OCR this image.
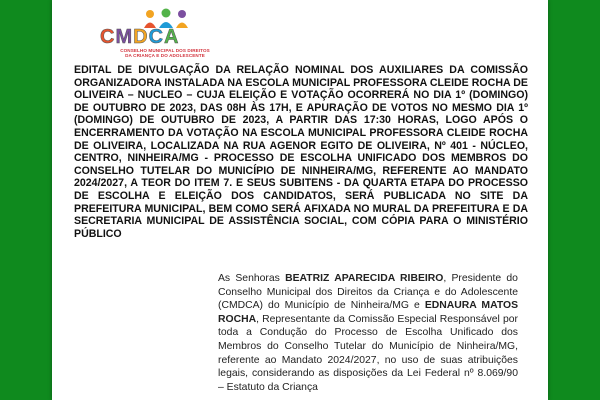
CMDCA
CONSELHO MUNICIPAL DOS DIREITOS
DA CRIANÇA E DO ADOLESCENTE
EDITAL DE DIVULGAÇÃO DA RELAÇÃO NOMINAL DOS AUXILIARES DA COMISSÃO ORGANIZADORA INSTALADA NA ESCOLA MUNICIPAL PROFESSORA CLEIDE ROCHA DE OLIVEIRA – NUCLEO – CUJA ELEIÇÃO E VOTAÇÃO OCORRERÁ NO DIA 1º (DOMINGO) DE OUTUBRO DE 2023, DAS 08H ÀS 17H, E APURAÇÃO DE VOTOS NO MESMO DIA 1º (DOMINGO) DE OUTUBRO DE 2023, A PARTIR DAS 17:30 HORAS, LOGO APÓS O ENCERRAMENTO DA VOTAÇÃO NA ESCOLA MUNICIPAL PROFESSORA CLEIDE ROCHA DE OLIVEIRA, LOCALIZADA NA RUA AGENOR EGITO DE OLIVEIRA, Nº 401 - NÚCLEO, CENTRO, NINHEIRA/MG - PROCESSO DE ESCOLHA UNIFICADO DOS MEMBROS DO CONSELHO TUTELAR DO MUNICÍPIO DE NINHEIRA/MG, REFERENTE AO MANDATO 2024/2027, A TEOR DO ITEM 7. E SEUS SUBITENS - DA QUARTA ETAPA DO PROCESSO DE ESCOLHA E ELEIÇÃO DOS CANDIDATOS, SERÁ PUBLICADA NO SITE DA PREFEITURA MUNICIPAL, BEM COMO SERÁ AFIXADA NO MURAL DA PREFEITURA E DA SECRETARIA MUNICIPAL DE ASSISTÊNCIA SOCIAL, COM CÓPIA PARA O MINISTÉRIO PÚBLICO
As Senhoras BEATRIZ APARECIDA RIBEIRO, Presidente do Conselho Municipal dos Direitos da Criança e do Adolescente (CMDCA) do Município de Ninheira/MG e EDNAURA MATOS ROCHA, Representante da Comissão Especial Responsável por toda a Condução do Processo de Escolha Unificado dos Membros do Conselho Tutelar do Município de Ninheira/MG, referente ao Mandato 2024/2027, no uso de suas atribuições legais, considerando as disposições da Lei Federal nº 8.069/90 – Estatuto da Criança
